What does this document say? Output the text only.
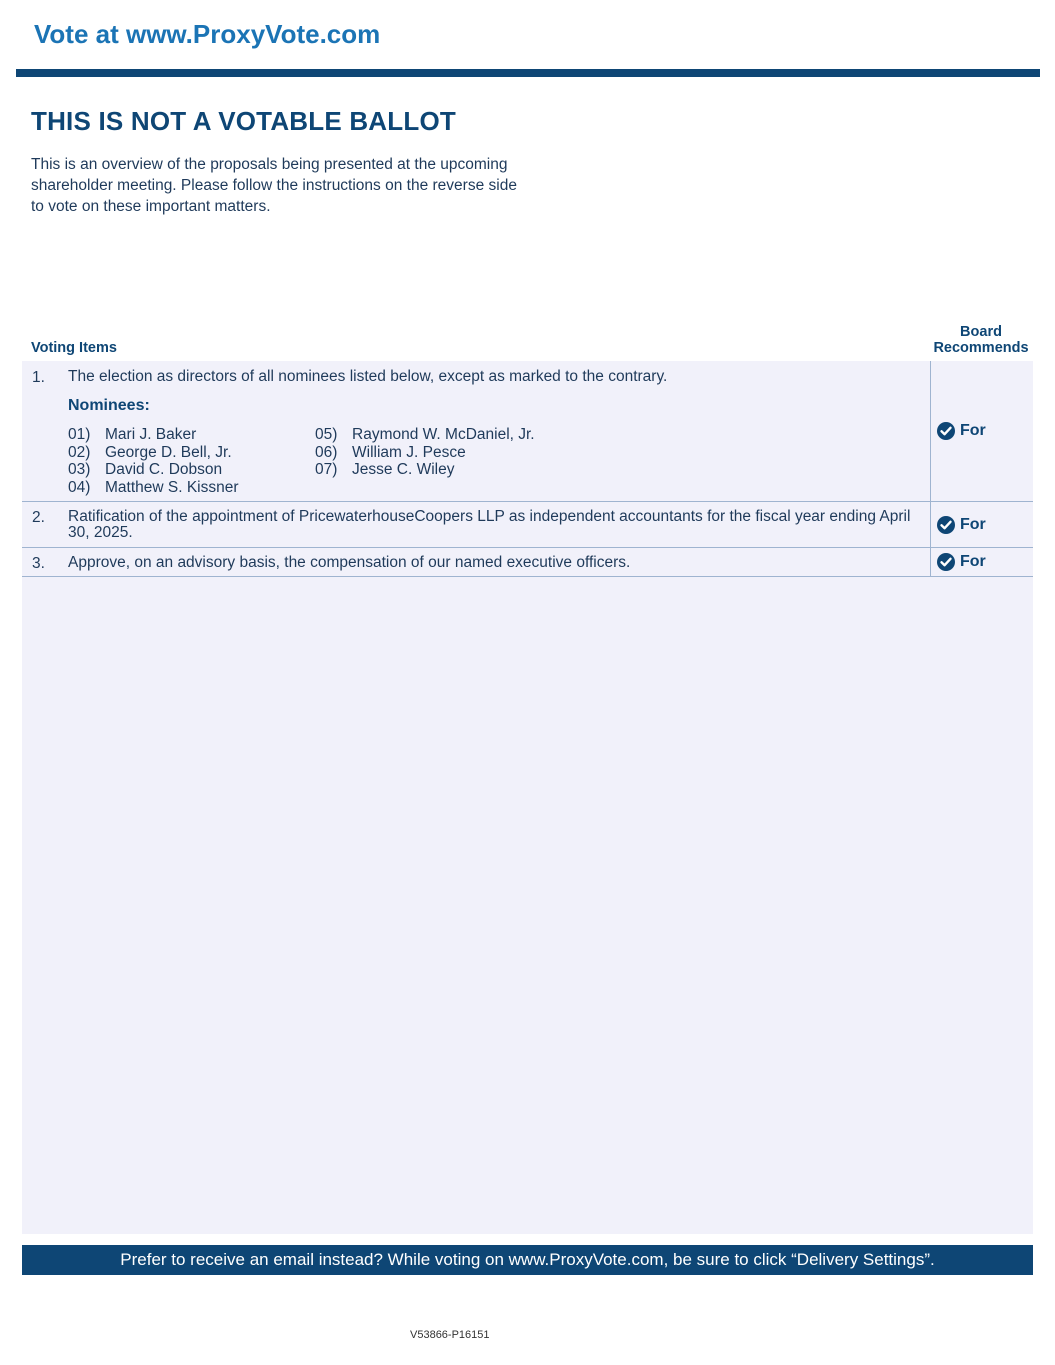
Vote at www.ProxyVote.com
THIS IS NOT A VOTABLE BALLOT
This is an overview of the proposals being presented at the upcoming shareholder meeting. Please follow the instructions on the reverse side to vote on these important matters.
Voting Items
Board
Recommends
1. The election as directors of all nominees listed below, except as marked to the contrary.
Nominees:
01) Mari J. Baker
02) George D. Bell, Jr.
03) David C. Dobson
04) Matthew S. Kissner
05) Raymond W. McDaniel, Jr.
06) William J. Pesce
07) Jesse C. Wiley
For
2. Ratification of the appointment of PricewaterhouseCoopers LLP as independent accountants for the fiscal year ending April 30, 2025.	For
3. Approve, on an advisory basis, the compensation of our named executive officers.	For
Prefer to receive an email instead? While voting on www.ProxyVote.com, be sure to click “Delivery Settings”.
V53866-P16151
